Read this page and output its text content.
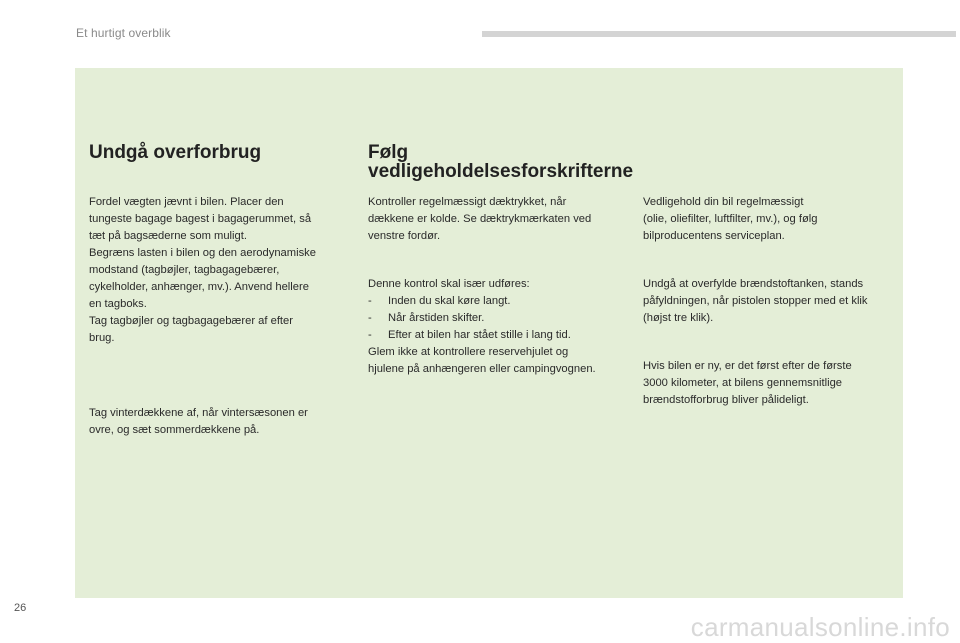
Et hurtigt overblik
Undgå overforbrug

Fordel vægten jævnt i bilen. Placer den

tungeste bagage bagest i bagagerummet, så

tæt på bagsæderne som muligt.

Begræns lasten i bilen og den aerodynamiske

modstand (tagbøjler, tagbagagebærer,

cykelholder, anhænger, mv.). Anvend hellere

en tagboks.

Tag tagbøjler og tagbagagebærer af efter

brug.

Tag vinterdækkene af, når vintersæsonen er

ovre, og sæt sommerdækkene på.

Følg
vedligeholdelsesforskrifterne

Kontroller regelmæssigt dæktrykket, når

dækkene er kolde. Se dæktrykmærkaten ved

venstre fordør.

Denne kontrol skal især udføres:

-	Inden du skal køre langt.

-	Når årstiden skifter.

-	Efter at bilen har stået stille i lang tid.

Glem ikke at kontrollere reservehjulet og

hjulene på anhængeren eller campingvognen.

Vedligehold din bil regelmæssigt

(olie, oliefilter, luftfilter, mv.), og følg

bilproducentens serviceplan.

Undgå at overfylde brændstoftanken, stands

påfyldningen, når pistolen stopper med et klik

(højst tre klik).

Hvis bilen er ny, er det først efter de første

3000 kilometer, at bilens gennemsnitlige

brændstofforbrug bliver pålideligt.

26
carmanualsonline.info
